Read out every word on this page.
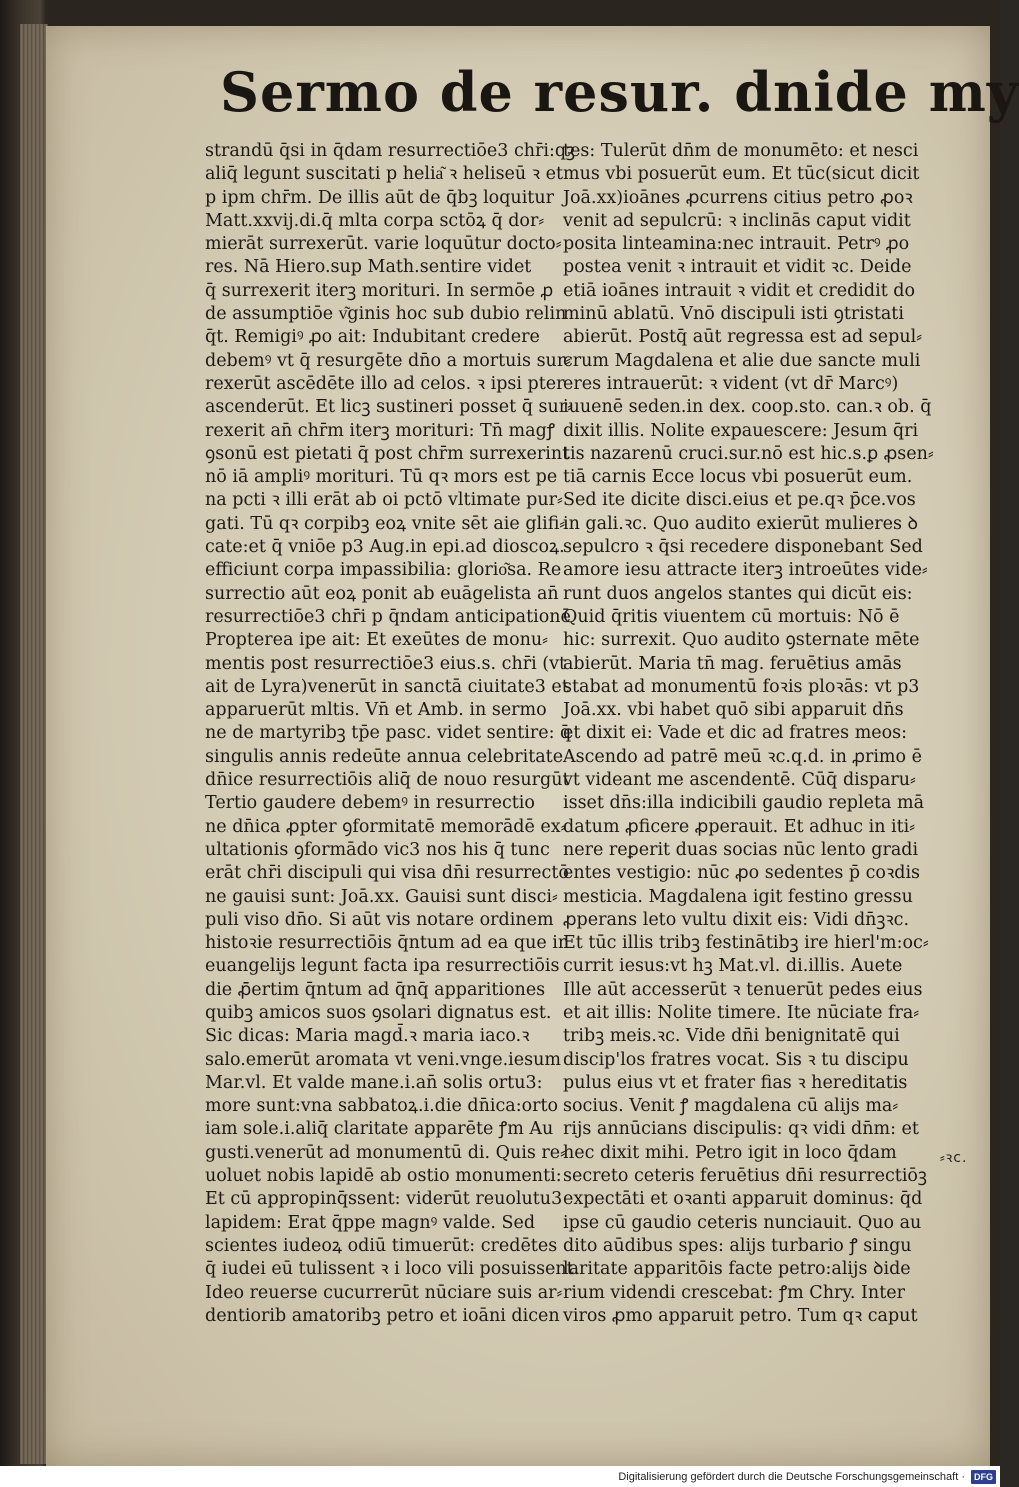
Sermo de resur. dni de my
strandū q̄si in q̄dam resurrectiōe3 chr̄i:qꝫ
aliq̄ legunt suscitati p helia͂ ꝛ heliseū ꝛ et
p ipm chr̄m. De illis aūt de q̄bꝫ loquitur
Matt.xxvij.di.q̄ mlta corpa sctōꝝ q̄ dor⸗
mierāt surrexerūt. varie loquūtur docto⸗
res. Nā Hiero.sup Math.sentire videt
q̄ surrexerit iterꝫ morituri. In sermōe ꝓ
de assumptiōe v͂ginis hoc sub dubio relin
q̄t. Remigiꝰ ꝓo ait: Indubitant credere
debemꝰ vt q̄ resurgēte dn̄o a mortuis sur⸗
rexerūt ascēdēte illo ad celos. ꝛ ipsi pter
ascenderūt. Et licꝫ sustineri posset q̄ sur⸗
rexerit an̄ chr̄m iterꝫ morituri: Tn̄ magꝭ
ꝯsonū est pietati q̄ post chr̄m surrexerint
nō iā ampliꝰ morituri. Tū qꝛ mors est pe
na pcti ꝛ illi erāt ab oi pctō vltimate pur⸗
gati. Tū qꝛ corpibꝫ eoꝝ vnite sēt aie glifi⸗
cate:et q̄ vniōe p3 Aug.in epi.ad dioscoꝝ.
efficiunt corpa impassibilia: glorio͂sa. Re
surrectio aūt eoꝝ ponit ab euāgelista an̄
resurrectiōe3 chr̄i p q̄ndam anticipationē
Propterea ipe ait: Et exeūtes de monu⸗
mentis post resurrectiōe3 eius.s. chr̄i (vt
ait de Lyra)venerūt in sanctā ciuitate3 et
apparuerūt mltis. Vn̄ et Amb. in sermo
ne de martyribꝫ tp̄e pasc. videt sentire: q̄
singulis annis redeūte annua celebritate
dn̄ice resurrectiōis aliq̄ de nouo resurgūt
Tertio gaudere debemꝰ in resurrectio
ne dn̄ica ꝓpter ꝯformitatē memorādē ex⸗
ultationis ꝯformādo vic3 nos his q̄ tunc
erāt chr̄i discipuli qui visa dn̄i resurrectō
ne gauisi sunt: Joā.xx. Gauisi sunt disci⸗
puli viso dn̄o. Si aūt vis notare ordinem
histoꝛie resurrectiōis q̄ntum ad ea que in
euangelijs legunt facta ipa resurrectiōis
die ꝓ̄ertim q̄ntum ad q̄nq̄ apparitiones
quibꝫ amicos suos ꝯsolari dignatus est.
Sic dicas: Maria magd̄.ꝛ maria iaco.ꝛ
salo.emerūt aromata vt veni.vnge.iesum
Mar.vl. Et valde mane.i.an̄ solis ortu3:
more sunt:vna sabbatoꝝ.i.die dn̄ica:orto
iam sole.i.aliq̄ claritate apparēte ꝭm Au
gusti.venerūt ad monumentū di. Quis re⸗
uoluet nobis lapidē ab ostio monumenti:
Et cū appropinq̄ssent: viderūt reuolutu3
lapidem: Erat q̄ppe magnꝰ valde. Sed
scientes iudeoꝝ odiū timuerūt: credētes
q̄ iudei eū tulissent ꝛ i loco vili posuissent.
Ideo reuerse cucurrerūt nūciare suis ar⸗
dentiorib amatoribꝫ petro et ioāni dicen
tes: Tulerūt dn̄m de monumēto: et nesci
mus vbi posuerūt eum. Et tūc(sicut dicit
Joā.xx)ioānes ꝓcurrens citius petro ꝓoꝛ
venit ad sepulcrū: ꝛ inclinās caput vidit
posita linteamina:nec intrauit. Petrꝰ ꝓo
postea venit ꝛ intrauit et vidit ꝛc. Deide
etiā ioānes intrauit ꝛ vidit et credidit do
minū ablatū. Vnō discipuli isti ꝯtristati
abierūt. Postq̄ aūt regressa est ad sepul⸗
crum Magdalena et alie due sancte muli
eres intrauerūt: ꝛ vident (vt dr̄ Marcꝰ)
iuuenē seden.in dex. coop.sto. can.ꝛ ob. q̄
dixit illis. Nolite expauescere: Jesum q̄ri
tis nazarenū cruci.sur.nō est hic.s.ꝑ ꝓsen⸗
tiā carnis Ecce locus vbi posuerūt eum.
Sed ite dicite disci.eius et pe.qꝛ p̄ce.vos
in gali.ꝛc. Quo audito exierūt mulieres ꝺ
sepulcro ꝛ q̄si recedere disponebant Sed
amore iesu attracte iterꝫ introeūtes vide⸗
runt duos angelos stantes qui dicūt eis:
Quid q̄ritis viuentem cū mortuis: Nō ē
hic: surrexit. Quo audito ꝯsternate mēte
abierūt. Maria tn̄ mag. feruētius amās
stabat ad monumentū foꝛis ploꝛās: vt p3
Joā.xx. vbi habet quō sibi apparuit dn̄s
et dixit ei: Vade et dic ad fratres meos:
Ascendo ad patrē meū ꝛc.q.d. in ꝓrimo ē
vt videant me ascendentē. Cūq̄ disparu⸗
isset dn̄s:illa indicibili gaudio repleta mā
datum ꝓficere ꝓperauit. Et adhuc in iti⸗
nere reꝑerit duas socias nūc lento gradi
entes vestigio: nūc ꝓo sedentes p̄ coꝛdis
mesticia. Magdalena igit festino gressu
ꝓperans leto vultu dixit eis: Vidi dn̄ꝫꝛc.
Et tūc illis tribꝫ festinātibꝫ ire hierl'm:oc⸗
currit iesus:vt hꝫ Mat.vl. di.illis. Auete
Ille aūt accesserūt ꝛ tenuerūt pedes eius
et ait illis: Nolite timere. Ite nūciate fra⸗
tribꝫ meis.ꝛc. Vide dn̄i benignitatē qui
discip'los fratres vocat. Sis ꝛ tu discipu
pulus eius vt et frater fias ꝛ hereditatis
socius. Venit ꝭ magdalena cū alijs ma⸗
rijs annūcians discipulis: qꝛ vidi dn̄m: et
hec dixit mihi. Petro igit in loco q̄dam
secreto ceteris feruētius dn̄i resurrectiōꝫ
expectāti et oꝛanti apparuit dominus: q̄d
ipse cū gaudio ceteris nunciauit. Quo au
dito aūdibus spes: alijs turbario ꝭ singu
laritate apparitōis facte petro:alijs ꝺide
rium videndi crescebat: ꝭm Chry. Inter
viros ꝓmo apparuit petro. Tum qꝛ caput
⸗ꝛc.
Digitalisierung gefördert durch die Deutsche Forschungsgemeinschaft ·	DFG
